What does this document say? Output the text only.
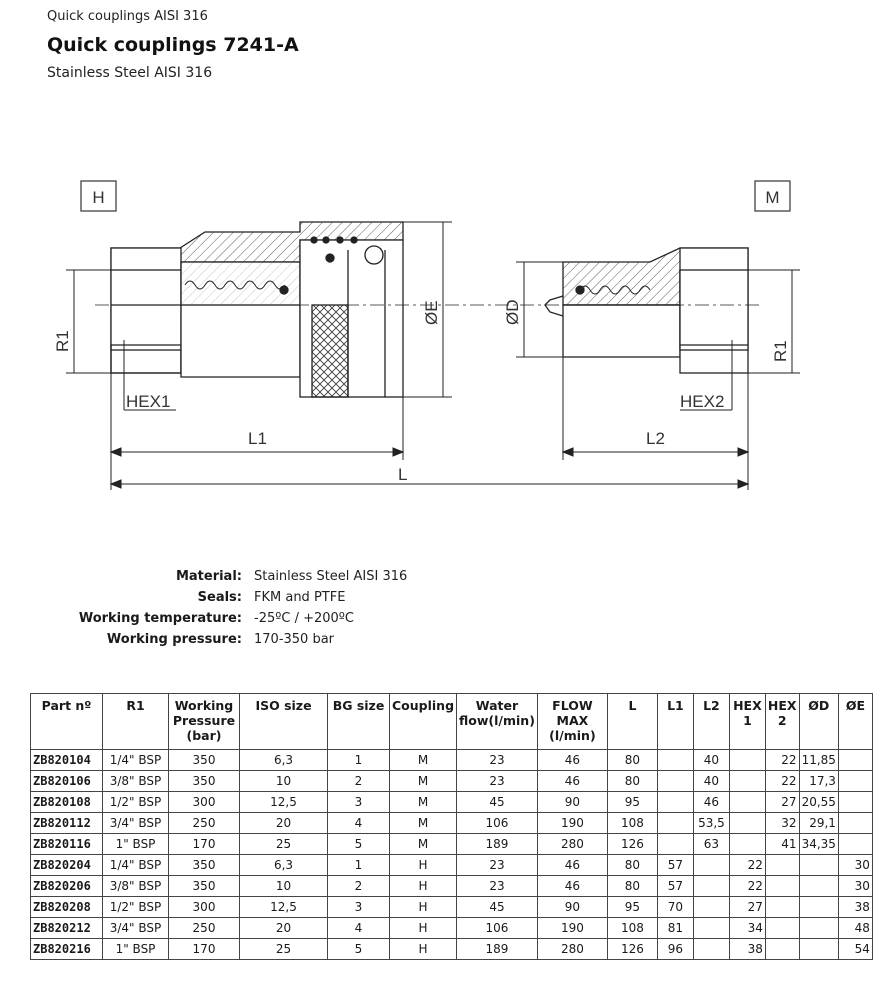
Quick couplings AISI 316
Quick couplings 7241-A
Stainless Steel AISI 316
H	M
R1	R1
HEX1	HEX2
L1	L2
L
ØD
ØE
Material: Stainless Steel AISI 316
Seals: FKM and PTFE
Working temperature: -25ºC / +200ºC
Working pressure: 170-350 bar
Part nº	R1	Working Pressure (bar)	ISO size	BG size	Coupling	Water flow(l/min)	FLOW MAX (l/min)	L	L1	L2	HEX 1	HEX 2	ØD	ØE
ZB820104	1/4" BSP	350	6,3	1	M	23	46	80		40		22	11,85	
ZB820106	3/8" BSP	350	10	2	M	23	46	80		40		22	17,3	
ZB820108	1/2" BSP	300	12,5	3	M	45	90	95		46		27	20,55	
ZB820112	3/4" BSP	250	20	4	M	106	190	108		53,5		32	29,1	
ZB820116	1" BSP	170	25	5	M	189	280	126		63		41	34,35	
ZB820204	1/4" BSP	350	6,3	1	H	23	46	80	57		22			30
ZB820206	3/8" BSP	350	10	2	H	23	46	80	57		22			30
ZB820208	1/2" BSP	300	12,5	3	H	45	90	95	70		27			38
ZB820212	3/4" BSP	250	20	4	H	106	190	108	81		34			48
ZB820216	1" BSP	170	25	5	H	189	280	126	96		38			54
